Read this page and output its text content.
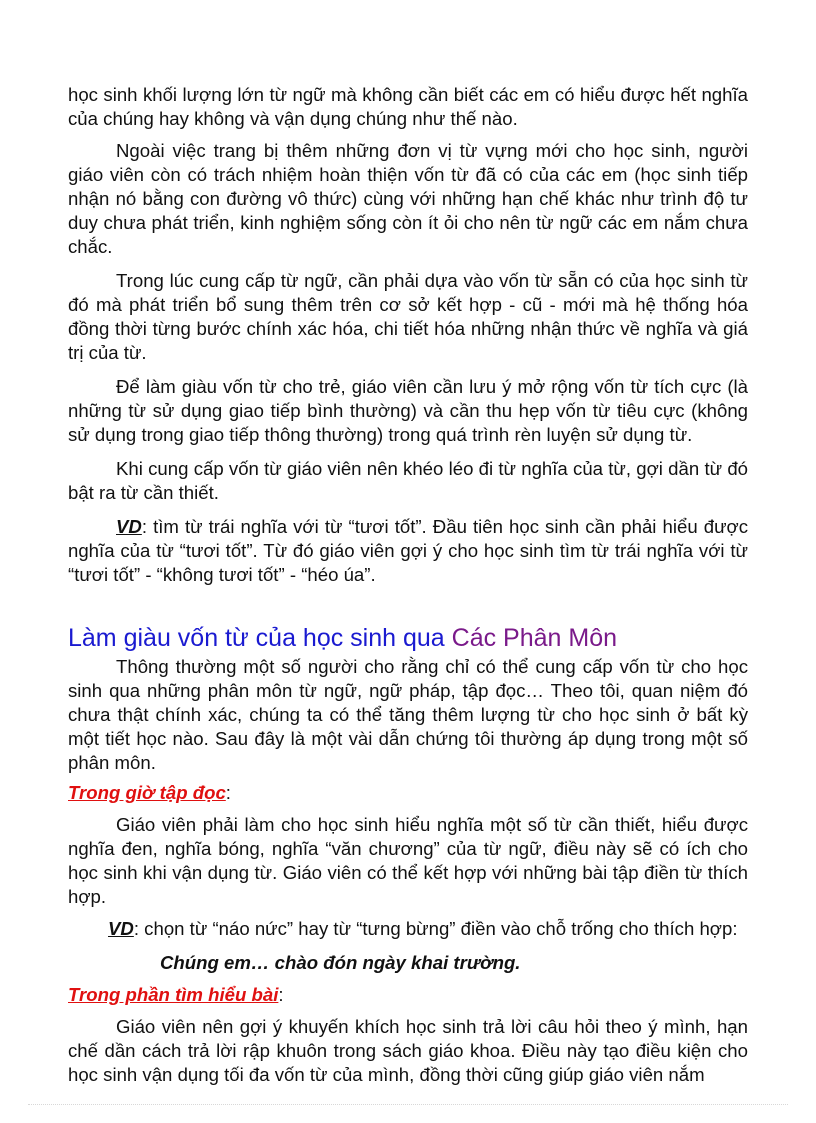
học sinh khối lượng lớn từ ngữ mà không cần biết các em có hiểu được hết nghĩa của chúng hay không và vận dụng chúng như thế nào.

Ngoài việc trang bị thêm những đơn vị từ vựng mới cho học sinh, người giáo viên còn có trách nhiệm hoàn thiện vốn từ đã có của các em (học sinh tiếp nhận nó bằng con đường vô thức) cùng với những hạn chế khác như trình độ tư duy chưa phát triển, kinh nghiệm sống còn ít ỏi cho nên từ ngữ các em nắm chưa chắc.

Trong lúc cung cấp từ ngữ, cần phải dựa vào vốn từ sẵn có của học sinh từ đó mà phát triển bổ sung thêm trên cơ sở kết hợp - cũ - mới mà hệ thống hóa đồng thời từng bước chính xác hóa, chi tiết hóa những nhận thức về nghĩa và giá trị của từ.

Để làm giàu vốn từ cho trẻ, giáo viên cần lưu ý mở rộng vốn từ tích cực (là những từ sử dụng giao tiếp bình thường) và cần thu hẹp vốn từ tiêu cực (không sử dụng trong giao tiếp thông thường) trong quá trình rèn luyện sử dụng từ.

Khi cung cấp vốn từ giáo viên nên khéo léo đi từ nghĩa của từ, gợi dần từ đó bật ra từ cần thiết.

VD: tìm từ trái nghĩa với từ “tươi tốt”. Đầu tiên học sinh cần phải hiểu được nghĩa của từ “tươi tốt”. Từ đó giáo viên gợi ý cho học sinh tìm từ trái nghĩa với từ “tươi tốt” - “không tươi tốt” - “héo úa”.

Làm giàu vốn từ của học sinh qua Các Phân Môn

Thông thường một số người cho rằng chỉ có thể cung cấp vốn từ cho học sinh qua những phân môn từ ngữ, ngữ pháp, tập đọc… Theo tôi, quan niệm đó chưa thật chính xác, chúng ta có thể tăng thêm lượng từ cho học sinh ở bất kỳ một tiết học nào. Sau đây là một vài dẫn chứng tôi thường áp dụng trong một số phân môn.

Trong giờ tập đọc:

Giáo viên phải làm cho học sinh hiểu nghĩa một số từ cần thiết, hiểu được nghĩa đen, nghĩa bóng, nghĩa “văn chương” của từ ngữ, điều này sẽ có ích cho học sinh khi vận dụng từ. Giáo viên có thể kết hợp với những bài tập điền từ thích hợp.

VD: chọn từ “náo nức” hay từ “tưng bừng” điền vào chỗ trống cho thích hợp:

Chúng em… chào đón ngày khai trường.

Trong phần tìm hiểu bài:

Giáo viên nên gợi ý khuyến khích học sinh trả lời câu hỏi theo ý mình, hạn chế dần cách trả lời rập khuôn trong sách giáo khoa. Điều này tạo điều kiện cho học sinh vận dụng tối đa vốn từ của mình, đồng thời cũng giúp giáo viên nắm
